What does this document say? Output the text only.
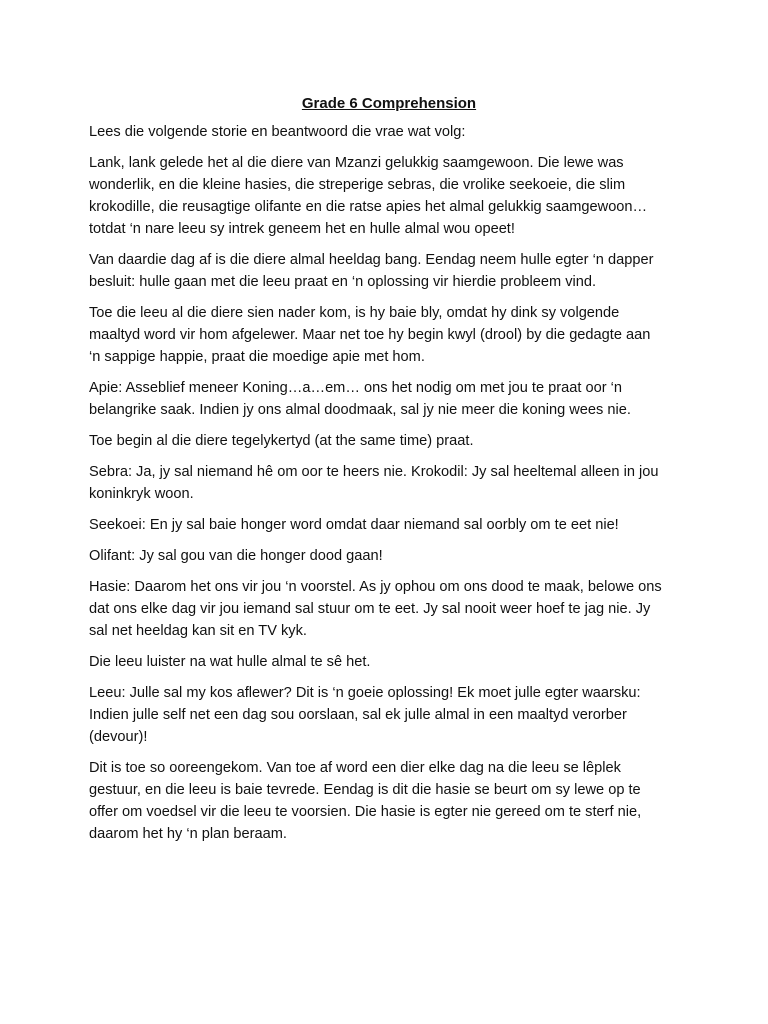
Grade 6 Comprehension
Lees die volgende storie en beantwoord die vrae wat volg:
Lank, lank gelede het al die diere van Mzanzi gelukkig saamgewoon. Die lewe was
wonderlik, en die kleine hasies, die streperige sebras, die vrolike seekoeie, die slim
krokodille, die reusagtige olifante en die ratse apies het almal gelukkig saamgewoon…
totdat ‘n nare leeu sy intrek geneem het en hulle almal wou opeet!
Van daardie dag af is die diere almal heeldag bang. Eendag neem hulle egter ‘n dapper
besluit: hulle gaan met die leeu praat en ‘n oplossing vir hierdie probleem vind.
Toe die leeu al die diere sien nader kom, is hy baie bly, omdat hy dink sy volgende
maaltyd word vir hom afgelewer. Maar net toe hy begin kwyl (drool) by die gedagte aan
‘n sappige happie, praat die moedige apie met hom.
Apie: Asseblief meneer Koning…a…em… ons het nodig om met jou te praat oor ‘n
belangrike saak. Indien jy ons almal doodmaak, sal jy nie meer die koning wees nie.
Toe begin al die diere tegelykertyd (at the same time) praat.
Sebra: Ja, jy sal niemand hê om oor te heers nie. Krokodil: Jy sal heeltemal alleen in jou
koninkryk woon.
Seekoei: En jy sal baie honger word omdat daar niemand sal oorbly om te eet nie!
Olifant: Jy sal gou van die honger dood gaan!
Hasie: Daarom het ons vir jou ‘n voorstel. As jy ophou om ons dood te maak, belowe ons
dat ons elke dag vir jou iemand sal stuur om te eet. Jy sal nooit weer hoef te jag nie. Jy
sal net heeldag kan sit en TV kyk.
Die leeu luister na wat hulle almal te sê het.
Leeu: Julle sal my kos aflewer? Dit is ‘n goeie oplossing! Ek moet julle egter waarsku:
Indien julle self net een dag sou oorslaan, sal ek julle almal in een maaltyd verorber
(devour)!
Dit is toe so ooreengekom. Van toe af word een dier elke dag na die leeu se lêplek
gestuur, en die leeu is baie tevrede. Eendag is dit die hasie se beurt om sy lewe op te
offer om voedsel vir die leeu te voorsien. Die hasie is egter nie gereed om te sterf nie,
daarom het hy ‘n plan beraam.
